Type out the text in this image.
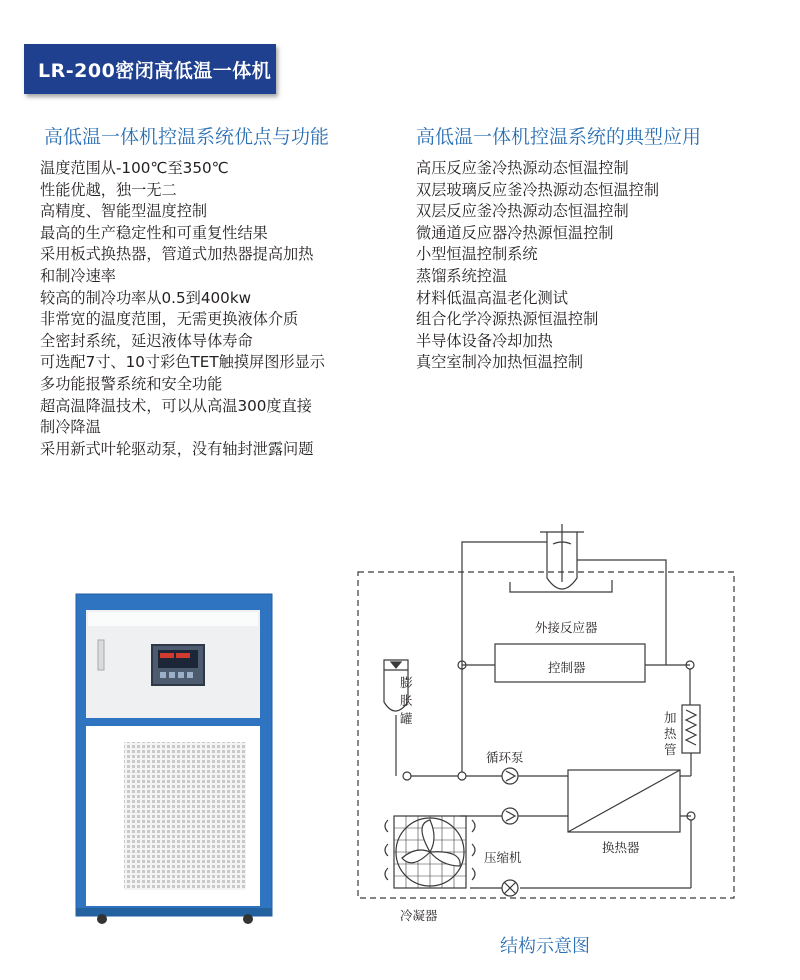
LR-200密闭高低温一体机
高低温一体机控温系统优点与功能	高低温一体机控温系统的典型应用
温度范围从-100℃至350℃
性能优越，独一无二
高精度、智能型温度控制
最高的生产稳定性和可重复性结果
采用板式换热器，管道式加热器提高加热
和制冷速率
较高的制冷功率从0.5到400kw
非常宽的温度范围，无需更换液体介质
全密封系统，延迟液体导体寿命
可选配7寸、10寸彩色TET触摸屏图形显示
多功能报警系统和安全功能
超高温降温技术，可以从高温300度直接
制冷降温
采用新式叶轮驱动泵，没有轴封泄露问题
高压反应釜冷热源动态恒温控制
双层玻璃反应釜冷热源动态恒温控制
双层反应釜冷热源动态恒温控制
微通道反应器冷热源恒温控制
小型恒温控制系统
蒸馏系统控温
材料低温高温老化测试
组合化学冷源热源恒温控制
半导体设备冷却加热
真空室制冷加热恒温控制
外接反应器
控制器
膨胀罐	加热管
循环泵
压缩机
换热器
冷凝器
结构示意图
